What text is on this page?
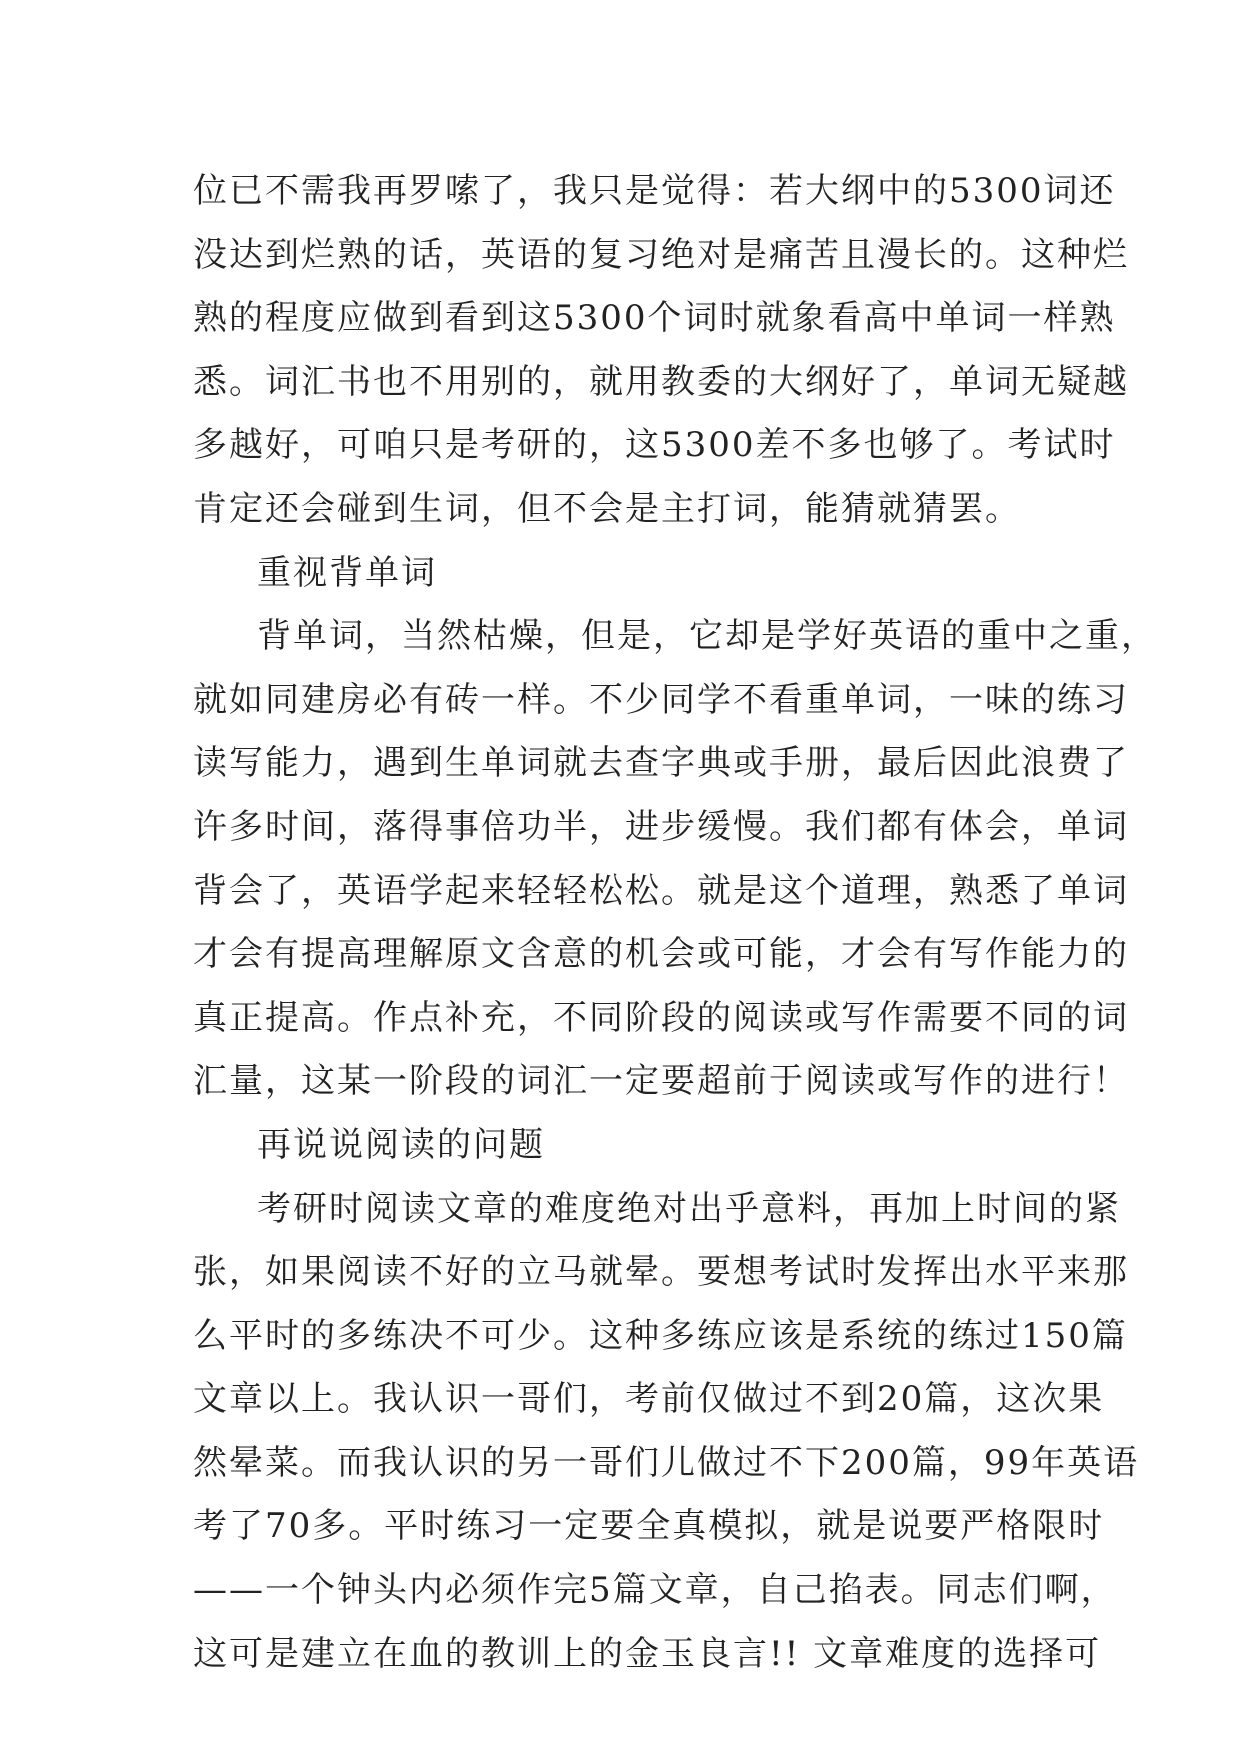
位已不需我再罗嗦了，我只是觉得：若大纲中的5300词还
没达到烂熟的话，英语的复习绝对是痛苦且漫长的。这种烂
熟的程度应做到看到这5300个词时就象看高中单词一样熟
悉。词汇书也不用别的，就用教委的大纲好了，单词无疑越
多越好，可咱只是考研的，这5300差不多也够了。考试时
肯定还会碰到生词，但不会是主打词，能猜就猜罢。
重视背单词
背单词，当然枯燥，但是，它却是学好英语的重中之重，
就如同建房必有砖一样。不少同学不看重单词，一味的练习
读写能力，遇到生单词就去查字典或手册，最后因此浪费了
许多时间，落得事倍功半，进步缓慢。我们都有体会，单词
背会了，英语学起来轻轻松松。就是这个道理，熟悉了单词
才会有提高理解原文含意的机会或可能，才会有写作能力的
真正提高。作点补充，不同阶段的阅读或写作需要不同的词
汇量，这某一阶段的词汇一定要超前于阅读或写作的进行！
再说说阅读的问题
考研时阅读文章的难度绝对出乎意料，再加上时间的紧
张，如果阅读不好的立马就晕。要想考试时发挥出水平来那
么平时的多练决不可少。这种多练应该是系统的练过150篇
文章以上。我认识一哥们，考前仅做过不到20篇，这次果
然晕菜。而我认识的另一哥们儿做过不下200篇，99年英语
考了70多。平时练习一定要全真模拟，就是说要严格限时
——一个钟头内必须作完5篇文章，自己掐表。同志们啊，
这可是建立在血的教训上的金玉良言!! 文章难度的选择可
